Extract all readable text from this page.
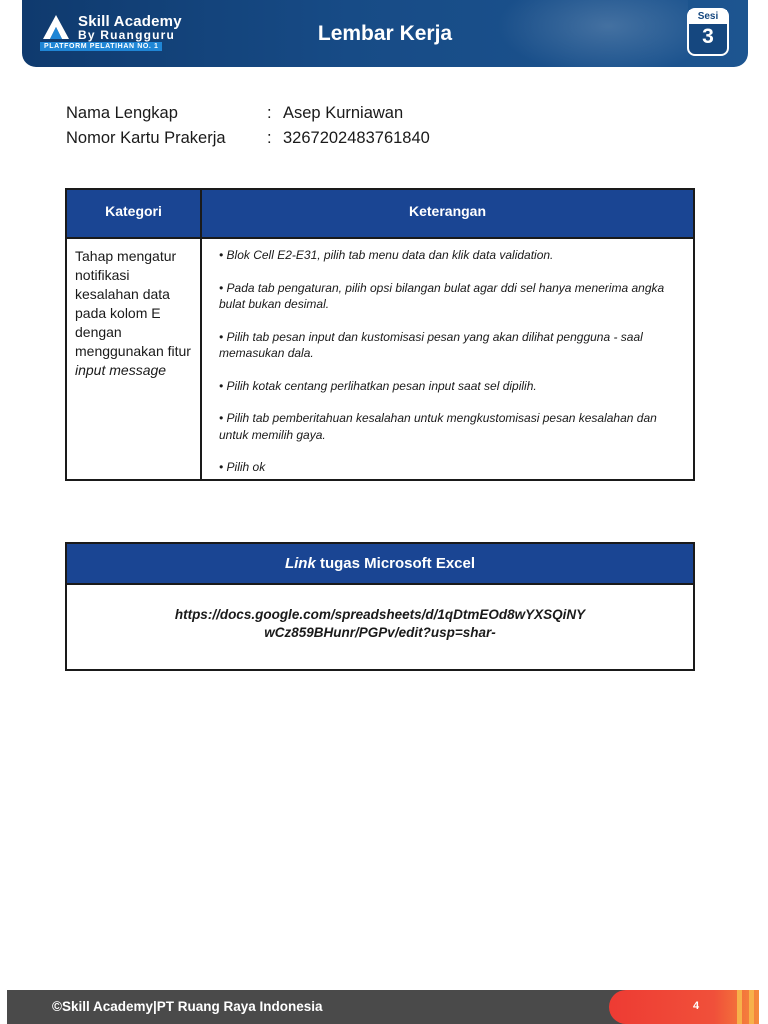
Skill Academy
By Ruangguru
PLATFORM PELATIHAN NO. 1
Lembar Kerja
Sesi
3
Nama Lengkap	: Asep Kurniawan
Nomor Kartu Prakerja	: 3267202483761840
Kategori	Keterangan
Tahap mengatur notifikasi kesalahan data pada kolom E dengan menggunakan fitur input message
• Blok Cell E2-E31, pilih tab menu data dan klik data validation.
• Pada tab pengaturan, pilih opsi bilangan bulat agar ddi sel hanya menerima angka bulat bukan desimal.
• Pilih tab pesan input dan kustomisasi pesan yang akan dilihat pengguna - saal memasukan dala.
• Pilih kotak centang perlihatkan pesan input saat sel dipilih.
• Pilih tab pemberitahuan kesalahan untuk mengkustomisasi pesan kesalahan dan untuk memilih gaya.
• Pilih ok
Link tugas Microsoft Excel
https://docs.google.com/spreadsheets/d/1qDtmEOd8wYXSQiNY
wCz859BHunr/PGPv/edit?usp=shar-
©Skill Academy|PT Ruang Raya Indonesia	4
